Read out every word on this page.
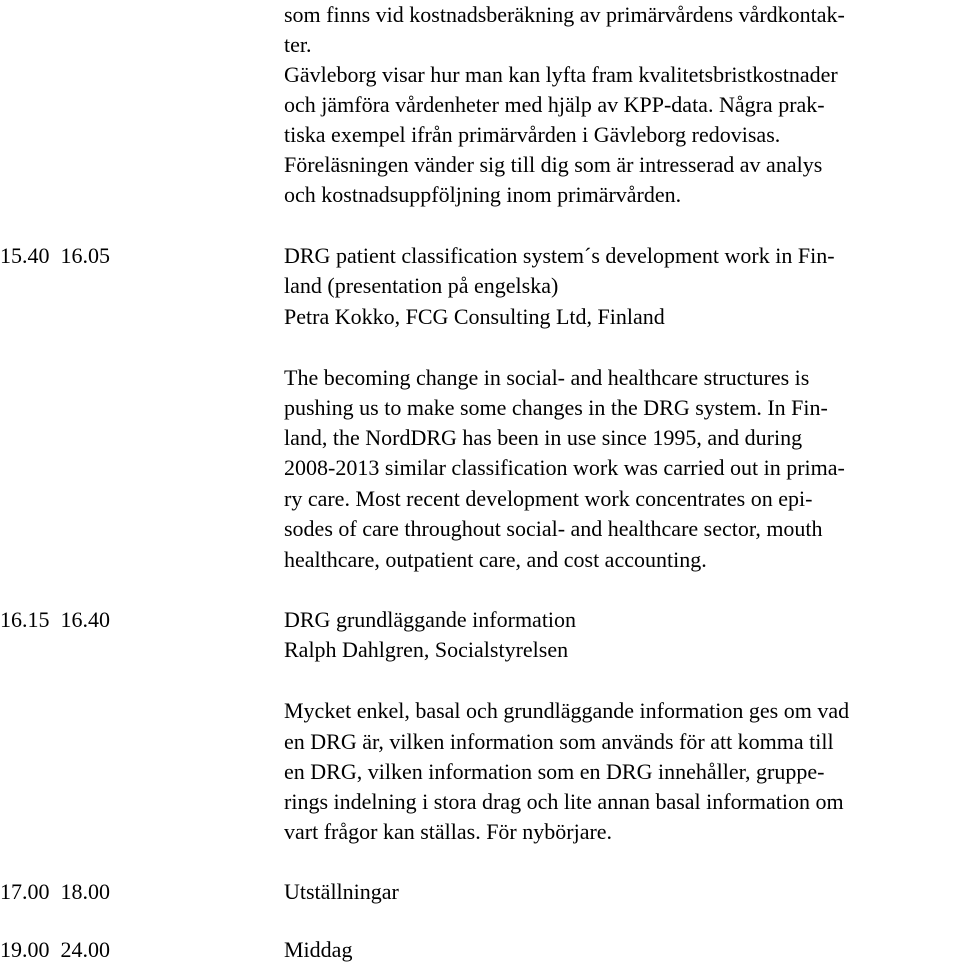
som finns vid kostnadsberäkning av primärvårdens vårdkontak-
ter.
Gävleborg visar hur man kan lyfta fram kvalitetsbristkostnader
och jämföra vårdenheter med hjälp av KPP-data. Några prak-
tiska exempel ifrån primärvården i Gävleborg redovisas.
Föreläsningen vänder sig till dig som är intresserad av analys
och kostnadsuppföljning inom primärvården.
15.40  16.05	DRG patient classification system´s development work in Fin-
land (presentation på engelska)
Petra Kokko, FCG Consulting Ltd, Finland
The becoming change in social- and healthcare structures is
pushing us to make some changes in the DRG system. In Fin-
land, the NordDRG has been in use since 1995, and during
2008-2013 similar classification work was carried out in prima-
ry care. Most recent development work concentrates on epi-
sodes of care throughout social- and healthcare sector, mouth
healthcare, outpatient care, and cost accounting.
16.15  16.40	DRG grundläggande information
Ralph Dahlgren, Socialstyrelsen
Mycket enkel, basal och grundläggande information ges om vad
en DRG är, vilken information som används för att komma till
en DRG, vilken information som en DRG innehåller, gruppe-
rings indelning i stora drag och lite annan basal information om
vart frågor kan ställas. För nybörjare.
17.00  18.00	Utställningar
19.00  24.00	Middag
